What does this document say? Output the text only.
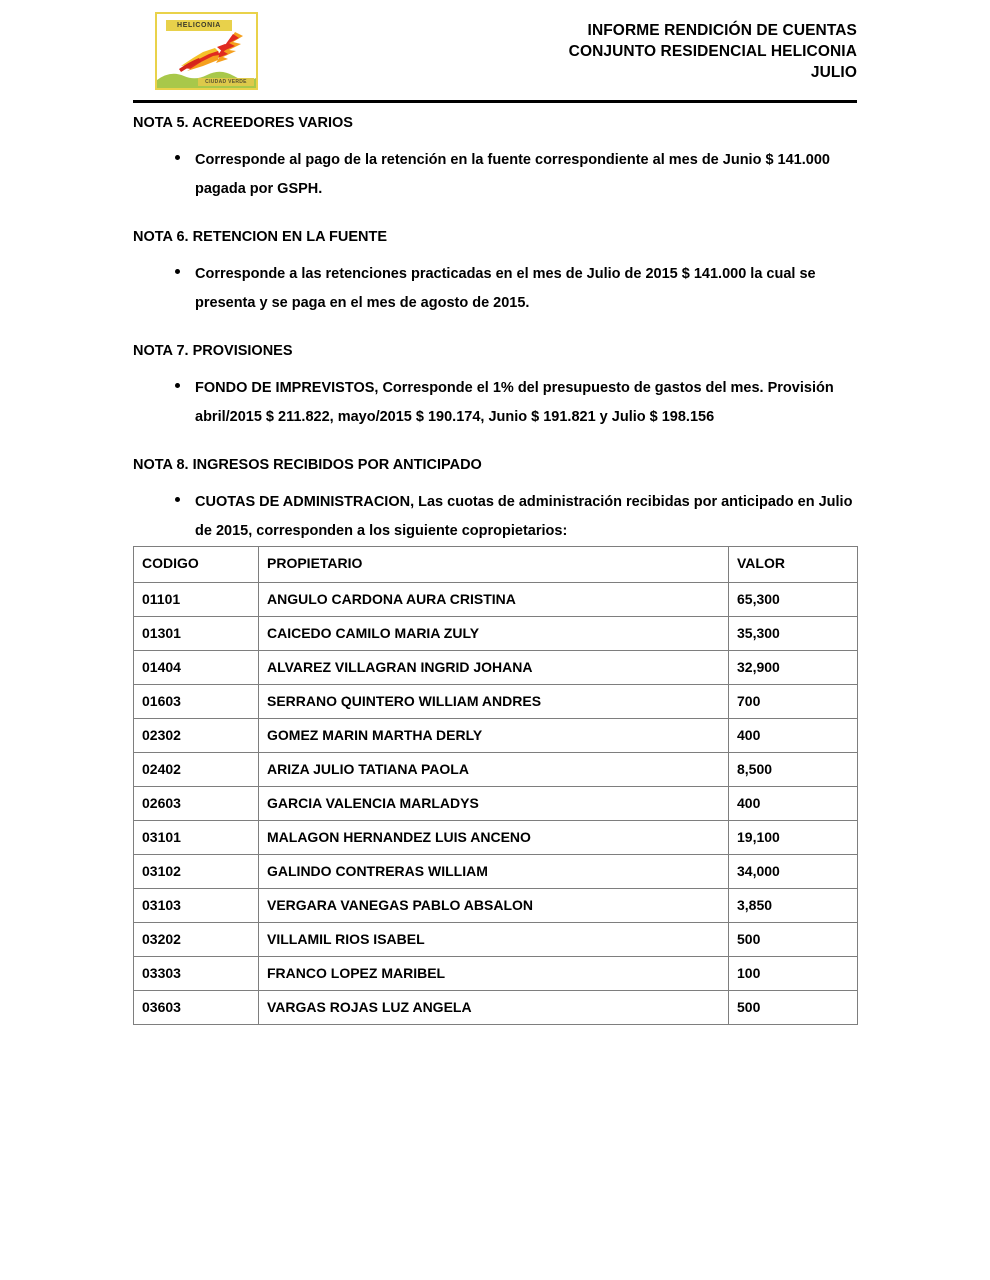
HELICONIA
CIUDAD VERDE
INFORME RENDICIÓN DE CUENTAS
CONJUNTO RESIDENCIAL HELICONIA
JULIO
NOTA 5. ACREEDORES VARIOS
Corresponde al pago de la retención en la fuente correspondiente al mes de Junio $ 141.000 pagada por GSPH.
NOTA 6. RETENCION EN LA FUENTE
Corresponde a las retenciones practicadas en el mes de Julio de 2015 $ 141.000 la cual se presenta y se paga en el mes de agosto de 2015.
NOTA 7. PROVISIONES
FONDO DE IMPREVISTOS, Corresponde el 1% del presupuesto de gastos del mes. Provisión abril/2015 $ 211.822, mayo/2015 $ 190.174, Junio $ 191.821 y Julio $ 198.156
NOTA 8. INGRESOS RECIBIDOS POR ANTICIPADO
CUOTAS DE ADMINISTRACION, Las cuotas de administración recibidas por anticipado en Julio de 2015, corresponden a los siguiente copropietarios:
CODIGO	PROPIETARIO	VALOR
01101	ANGULO CARDONA AURA CRISTINA	65,300
01301	CAICEDO CAMILO MARIA ZULY	35,300
01404	ALVAREZ VILLAGRAN INGRID JOHANA	32,900
01603	SERRANO QUINTERO WILLIAM ANDRES	700
02302	GOMEZ MARIN MARTHA DERLY	400
02402	ARIZA JULIO TATIANA PAOLA	8,500
02603	GARCIA VALENCIA MARLADYS	400
03101	MALAGON HERNANDEZ LUIS ANCENO	19,100
03102	GALINDO CONTRERAS WILLIAM	34,000
03103	VERGARA VANEGAS PABLO ABSALON	3,850
03202	VILLAMIL RIOS ISABEL	500
03303	FRANCO LOPEZ MARIBEL	100
03603	VARGAS ROJAS LUZ ANGELA	500
